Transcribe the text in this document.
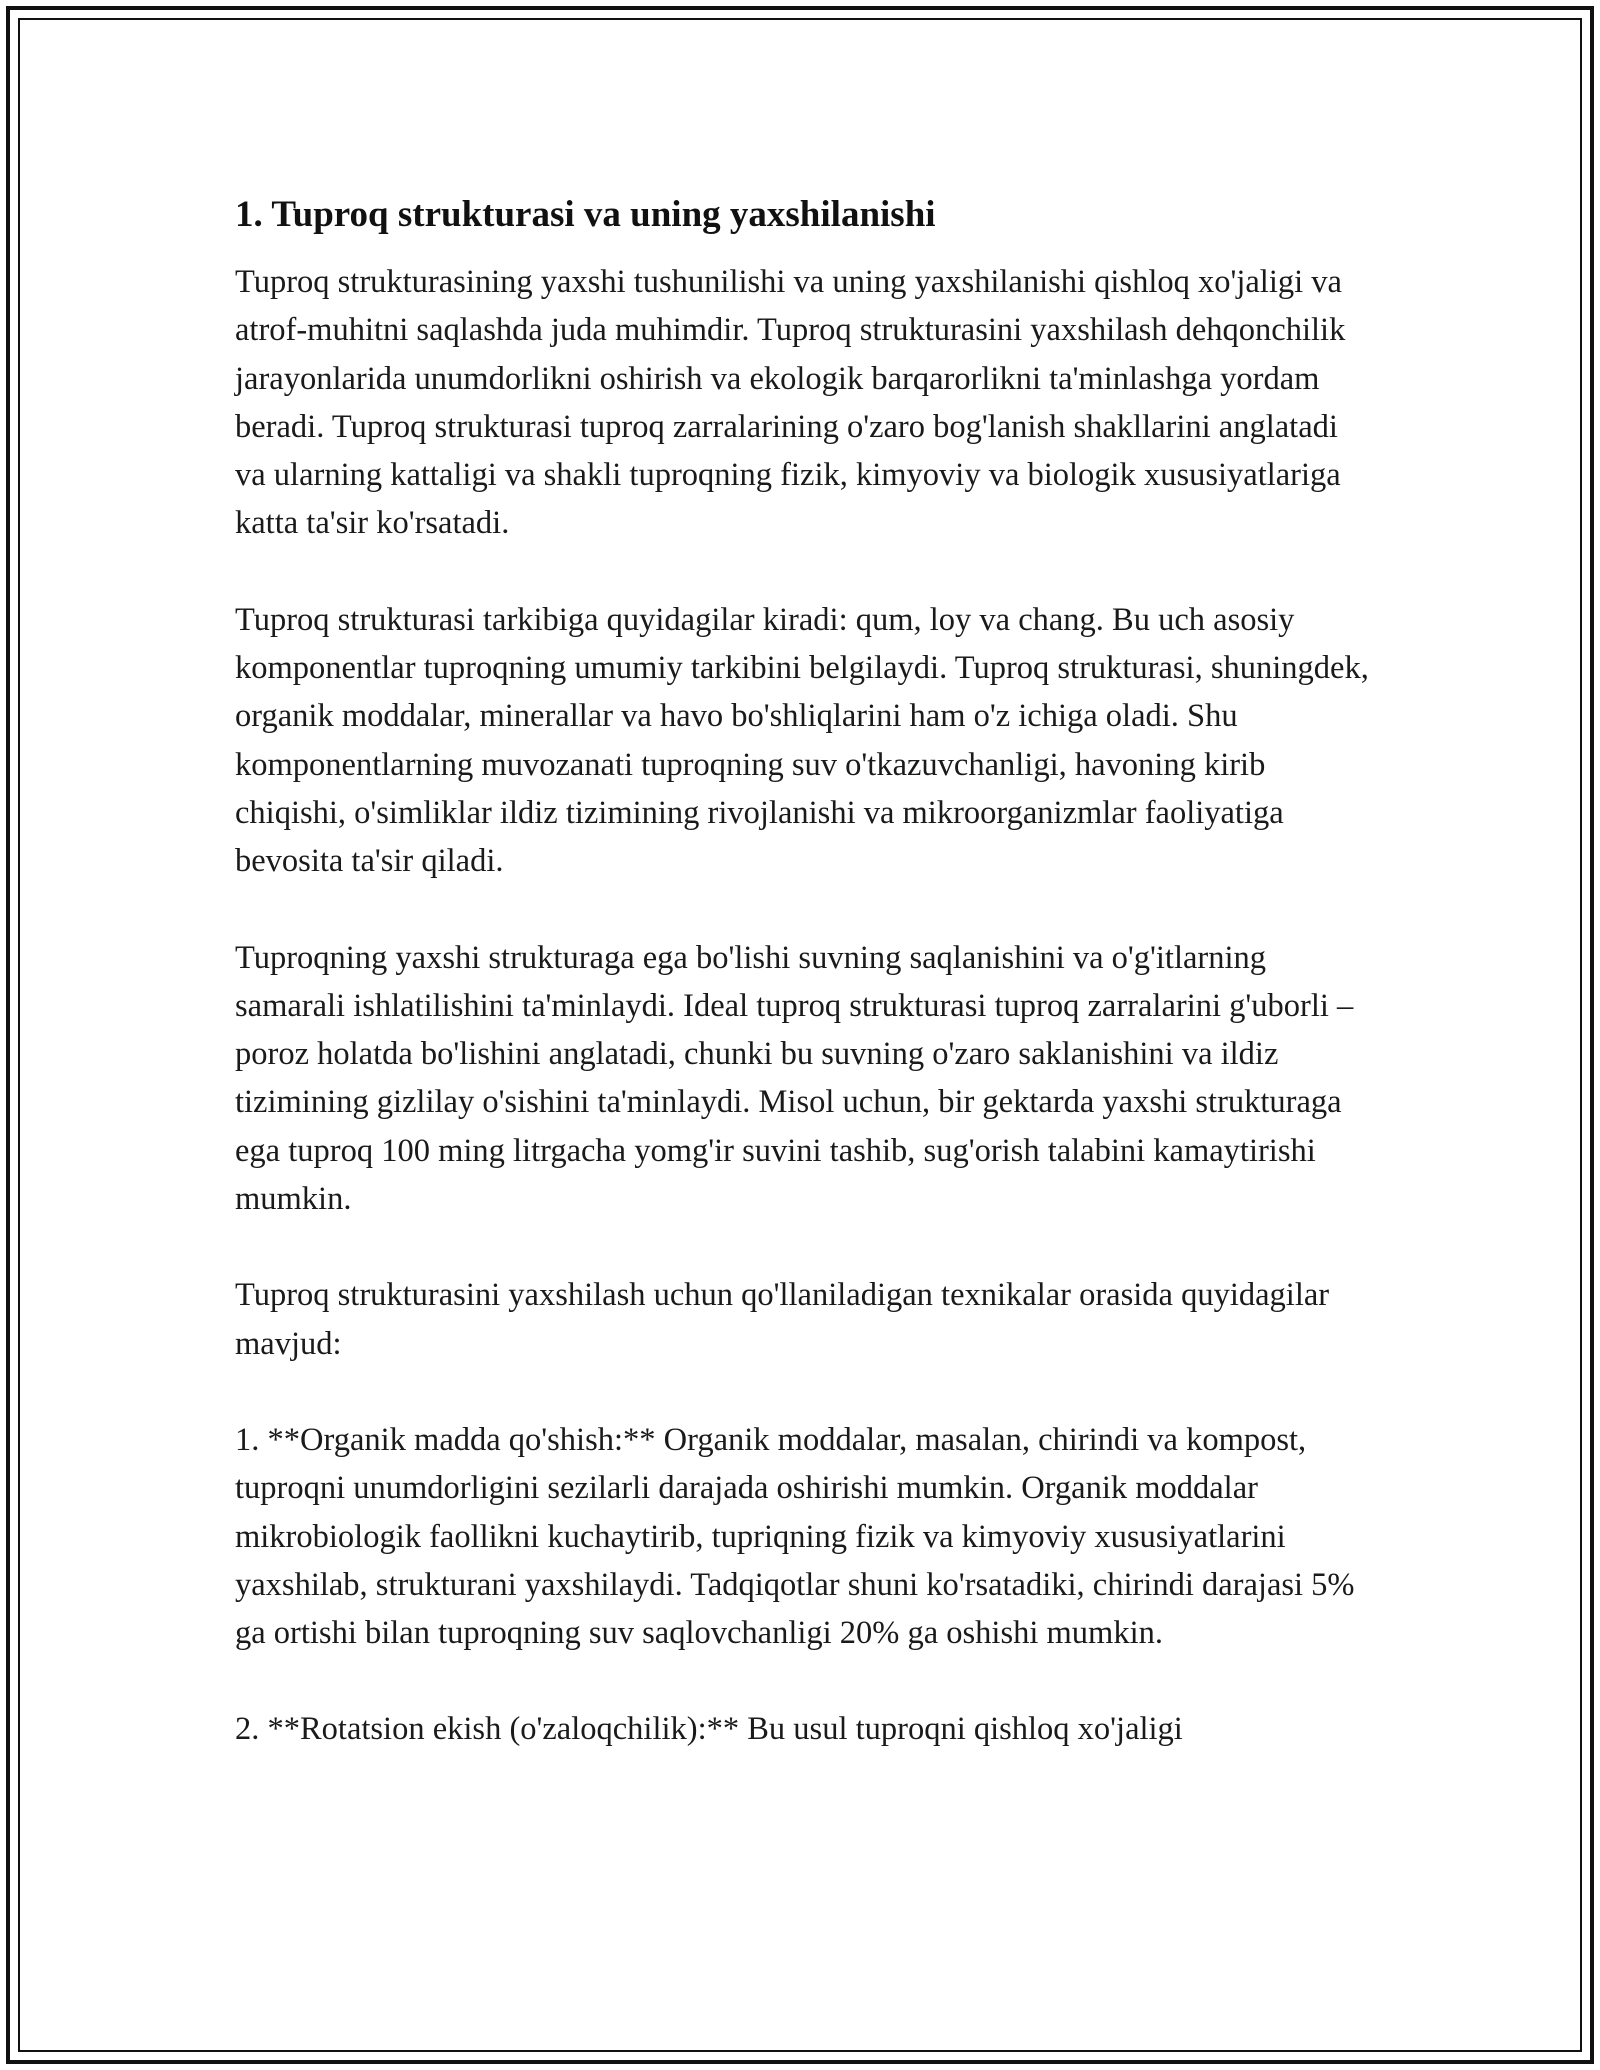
1. Tuproq strukturasi va uning yaxshilanishi

Tuproq strukturasining yaxshi tushunilishi va uning yaxshilanishi qishloq xo'jaligi va atrof-muhitni saqlashda juda muhimdir. Tuproq strukturasini yaxshilash dehqonchilik jarayonlarida unumdorlikni oshirish va ekologik barqarorlikni ta'minlashga yordam beradi. Tuproq strukturasi tuproq zarralarining o'zaro bog'lanish shakllarini anglatadi va ularning kattaligi va shakli tuproqning fizik, kimyoviy va biologik xususiyatlariga katta ta'sir ko'rsatadi.

Tuproq strukturasi tarkibiga quyidagilar kiradi: qum, loy va chang. Bu uch asosiy komponentlar tuproqning umumiy tarkibini belgilaydi. Tuproq strukturasi, shuningdek, organik moddalar, minerallar va havo bo'shliqlarini ham o'z ichiga oladi. Shu komponentlarning muvozanati tuproqning suv o'tkazuvchanligi, havoning kirib chiqishi, o'simliklar ildiz tizimining rivojlanishi va mikroorganizmlar faoliyatiga bevosita ta'sir qiladi.

Tuproqning yaxshi strukturaga ega bo'lishi suvning saqlanishini va o'g'itlarning samarali ishlatilishini ta'minlaydi. Ideal tuproq strukturasi tuproq zarralarini g'uborli – poroz holatda bo'lishini anglatadi, chunki bu suvning o'zaro saklanishini va ildiz tizimining gizlilay o'sishini ta'minlaydi. Misol uchun, bir gektarda yaxshi strukturaga ega tuproq 100 ming litrgacha yomg'ir suvini tashib, sug'orish talabini kamaytirishi mumkin.

Tuproq strukturasini yaxshilash uchun qo'llaniladigan texnikalar orasida quyidagilar mavjud:

1. **Organik madda qo'shish:** Organik moddalar, masalan, chirindi va kompost, tuproqni unumdorligini sezilarli darajada oshirishi mumkin. Organik moddalar mikrobiologik faollikni kuchaytirib, tupriqning fizik va kimyoviy xususiyatlarini yaxshilab, strukturani yaxshilaydi. Tadqiqotlar shuni ko'rsatadiki, chirindi darajasi 5% ga ortishi bilan tuproqning suv saqlovchanligi 20% ga oshishi mumkin.

2. **Rotatsion ekish (o'zaloqchilik):** Bu usul tuproqni qishloq xo'jaligi
